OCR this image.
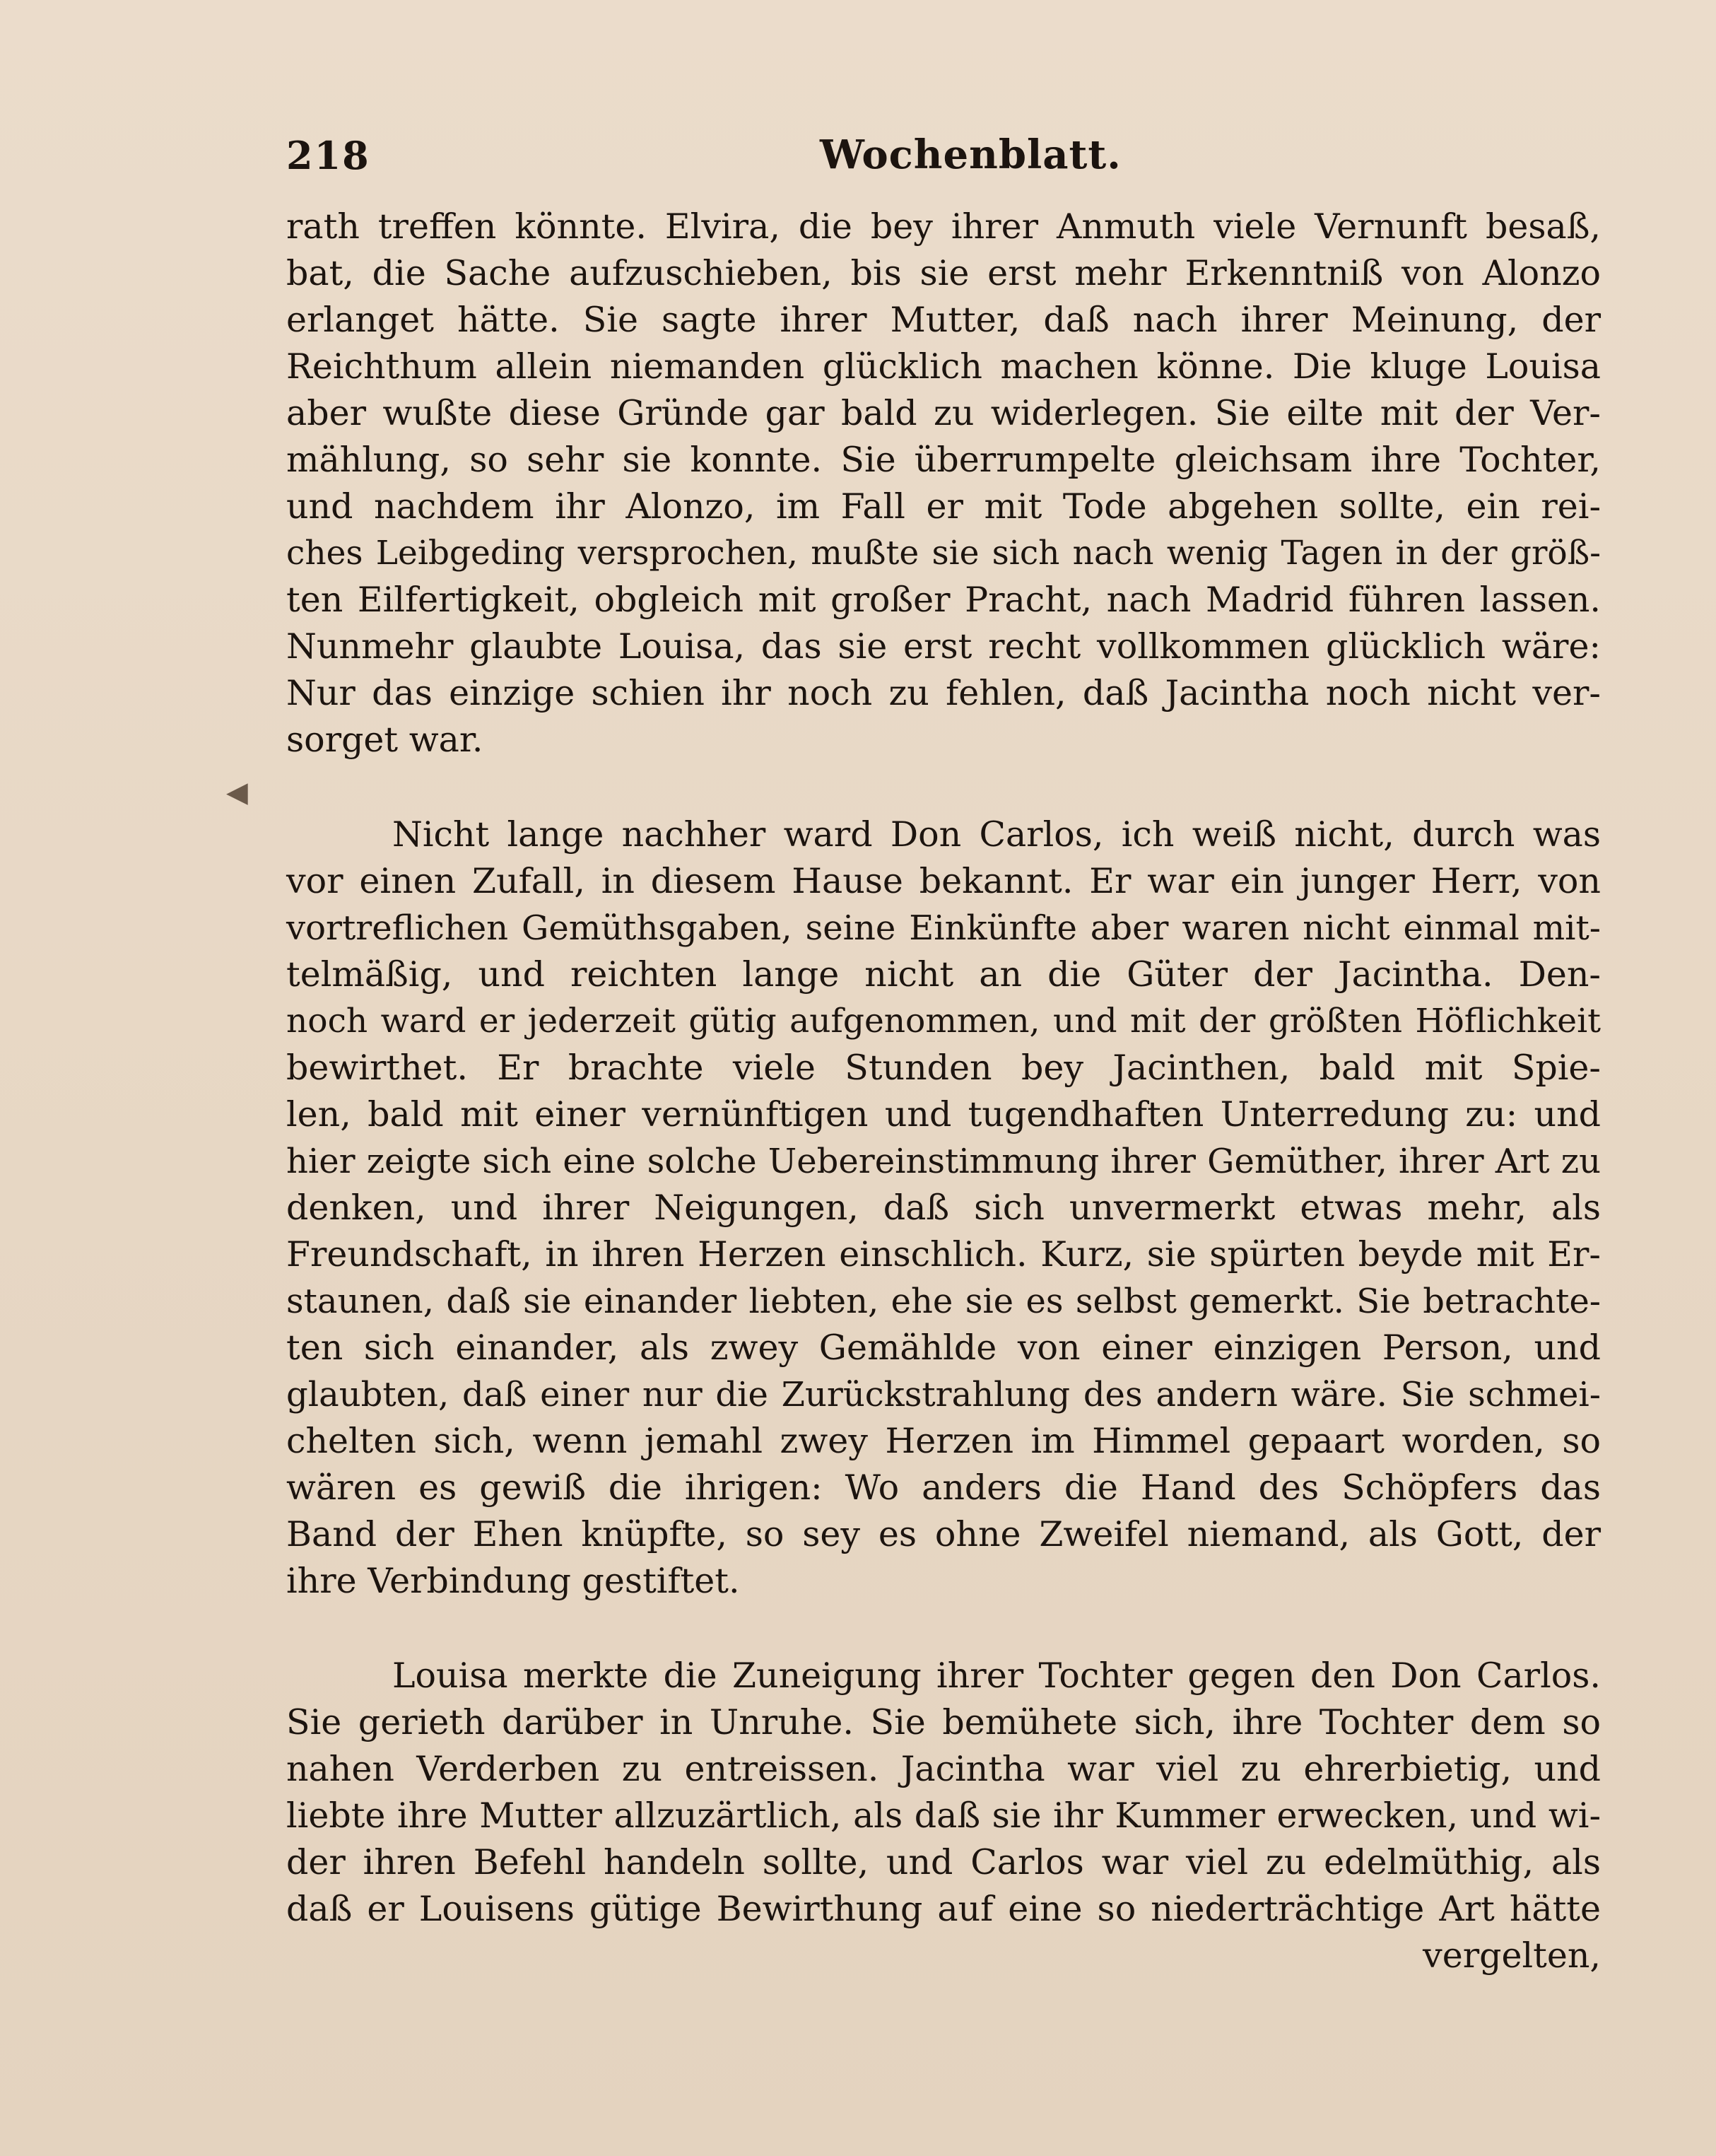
◀
218	Wochenblatt.
rath treffen könnte. Elvira, die bey ihrer Anmuth viele Vernunft besaß,
bat, die Sache aufzuschieben, bis sie erst mehr Erkenntniß von Alonzo
erlanget hätte. Sie sagte ihrer Mutter, daß nach ihrer Meinung, der
Reichthum allein niemanden glücklich machen könne. Die kluge Louisa
aber wußte diese Gründe gar bald zu widerlegen. Sie eilte mit der Ver-
mählung, so sehr sie konnte. Sie überrumpelte gleichsam ihre Tochter,
und nachdem ihr Alonzo, im Fall er mit Tode abgehen sollte, ein rei-
ches Leibgeding versprochen, mußte sie sich nach wenig Tagen in der größ-
ten Eilfertigkeit, obgleich mit großer Pracht, nach Madrid führen lassen.
Nunmehr glaubte Louisa, das sie erst recht vollkommen glücklich wäre:
Nur das einzige schien ihr noch zu fehlen, daß Jacintha noch nicht ver-
sorget war.
Nicht lange nachher ward Don Carlos, ich weiß nicht, durch was
vor einen Zufall, in diesem Hause bekannt. Er war ein junger Herr, von
vortreflichen Gemüthsgaben, seine Einkünfte aber waren nicht einmal mit-
telmäßig, und reichten lange nicht an die Güter der Jacintha. Den-
noch ward er jederzeit gütig aufgenommen, und mit der größten Höflichkeit
bewirthet. Er brachte viele Stunden bey Jacinthen, bald mit Spie-
len, bald mit einer vernünftigen und tugendhaften Unterredung zu: und
hier zeigte sich eine solche Uebereinstimmung ihrer Gemüther, ihrer Art zu
denken, und ihrer Neigungen, daß sich unvermerkt etwas mehr, als
Freundschaft, in ihren Herzen einschlich. Kurz, sie spürten beyde mit Er-
staunen, daß sie einander liebten, ehe sie es selbst gemerkt. Sie betrachte-
ten sich einander, als zwey Gemählde von einer einzigen Person, und
glaubten, daß einer nur die Zurückstrahlung des andern wäre. Sie schmei-
chelten sich, wenn jemahl zwey Herzen im Himmel gepaart worden, so
wären es gewiß die ihrigen: Wo anders die Hand des Schöpfers das
Band der Ehen knüpfte, so sey es ohne Zweifel niemand, als Gott, der
ihre Verbindung gestiftet.
Louisa merkte die Zuneigung ihrer Tochter gegen den Don Carlos.
Sie gerieth darüber in Unruhe. Sie bemühete sich, ihre Tochter dem so
nahen Verderben zu entreissen. Jacintha war viel zu ehrerbietig, und
liebte ihre Mutter allzuzärtlich, als daß sie ihr Kummer erwecken, und wi-
der ihren Befehl handeln sollte, und Carlos war viel zu edelmüthig, als
daß er Louisens gütige Bewirthung auf eine so niederträchtige Art hätte
vergelten,
